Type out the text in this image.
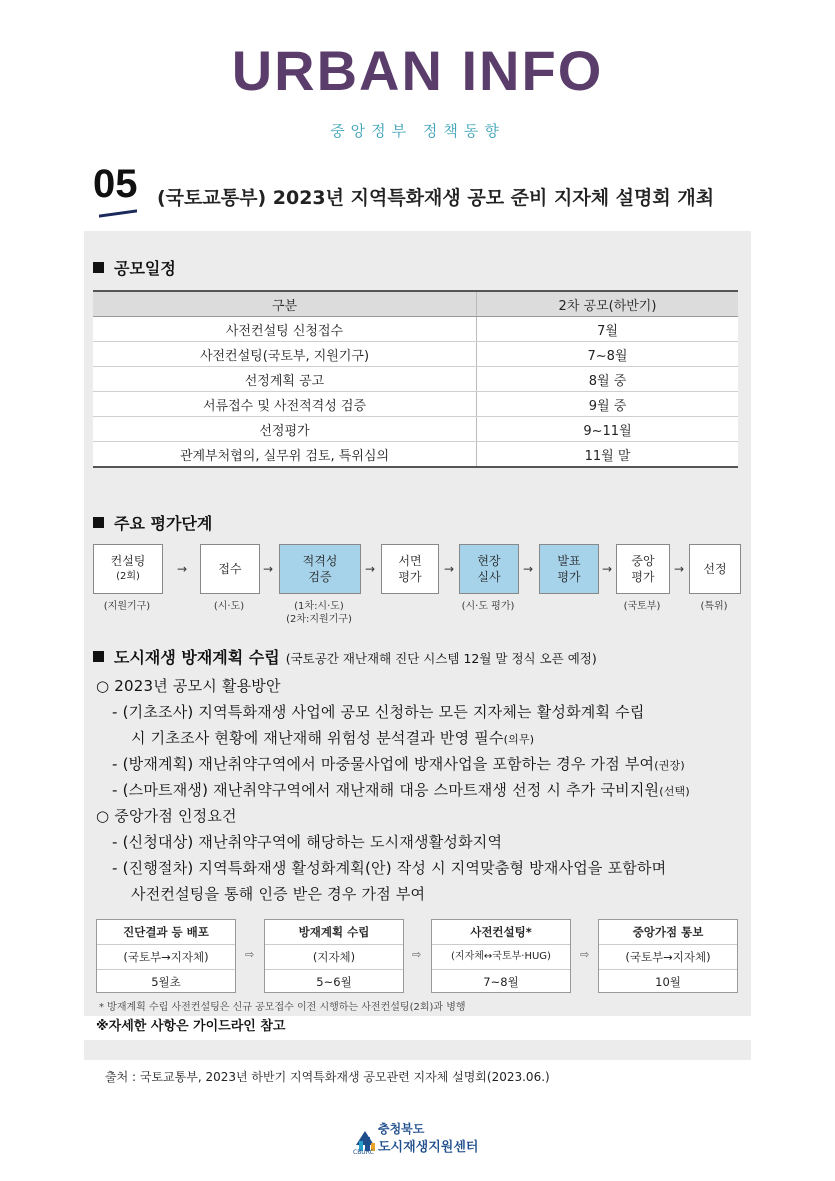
URBAN INFO
중앙정부 정책동향
05 (국토교통부) 2023년 지역특화재생 공모 준비 지자체 설명회 개최
공모일정
구분	2차 공모(하반기)
사전컨설팅 신청접수	7월
사전컨설팅(국토부, 지원기구)	7~8월
선정계획 공고	8월 중
서류접수 및 사전적격성 검증	9월 중
선정평가	9~11월
관계부처협의, 실무위 검토, 특위심의	11월 말
주요 평가단계
컨설팅
(2회)
→	접수	→
적격성
검증
→
서면
평가
→
현장
실사
→
발표
평가
→
중앙
평가
→	선정
(지원기구)	(시·도)	(1차:시·도)
(2차:지원기구)
(시·도 평가)	(국토부)	(특위)
도시재생 방재계획 수립 (국토공간 재난재해 진단 시스템 12월 말 정식 오픈 예정)
○ 2023년 공모시 활용방안
- (기초조사) 지역특화재생 사업에 공모 신청하는 모든 지자체는 활성화계획 수립
시 기초조사 현황에 재난재해 위험성 분석결과 반영 필수(의무)
- (방재계획) 재난취약구역에서 마중물사업에 방재사업을 포함하는 경우 가점 부여(권장)
- (스마트재생) 재난취약구역에서 재난재해 대응 스마트재생 선정 시 추가 국비지원(선택)
○ 중앙가점 인정요건
- (신청대상) 재난취약구역에 해당하는 도시재생활성화지역
- (진행절차) 지역특화재생 활성화계획(안) 작성 시 지역맞춤형 방재사업을 포함하며
사전컨설팅을 통해 인증 받은 경우 가점 부여
진단결과 등 배포
(국토부→지자체)
5월초
⇨
방재계획 수립
(지자체)
5~6월
⇨
사전컨설팅*
(지자체↔국토부·HUG)
7~8월
⇨
중앙가점 통보
(국토부→지자체)
10월
* 방재계획 수립 사전컨설팅은 신규 공모접수 이전 시행하는 사전컨설팅(2회)과 병행
※자세한 사항은 가이드라인 참고
출처 : 국토교통부, 2023년 하반기 지역특화재생 공모관련 지자체 설명회(2023.06.)
충청북도
도시재생지원센터
CBURC
